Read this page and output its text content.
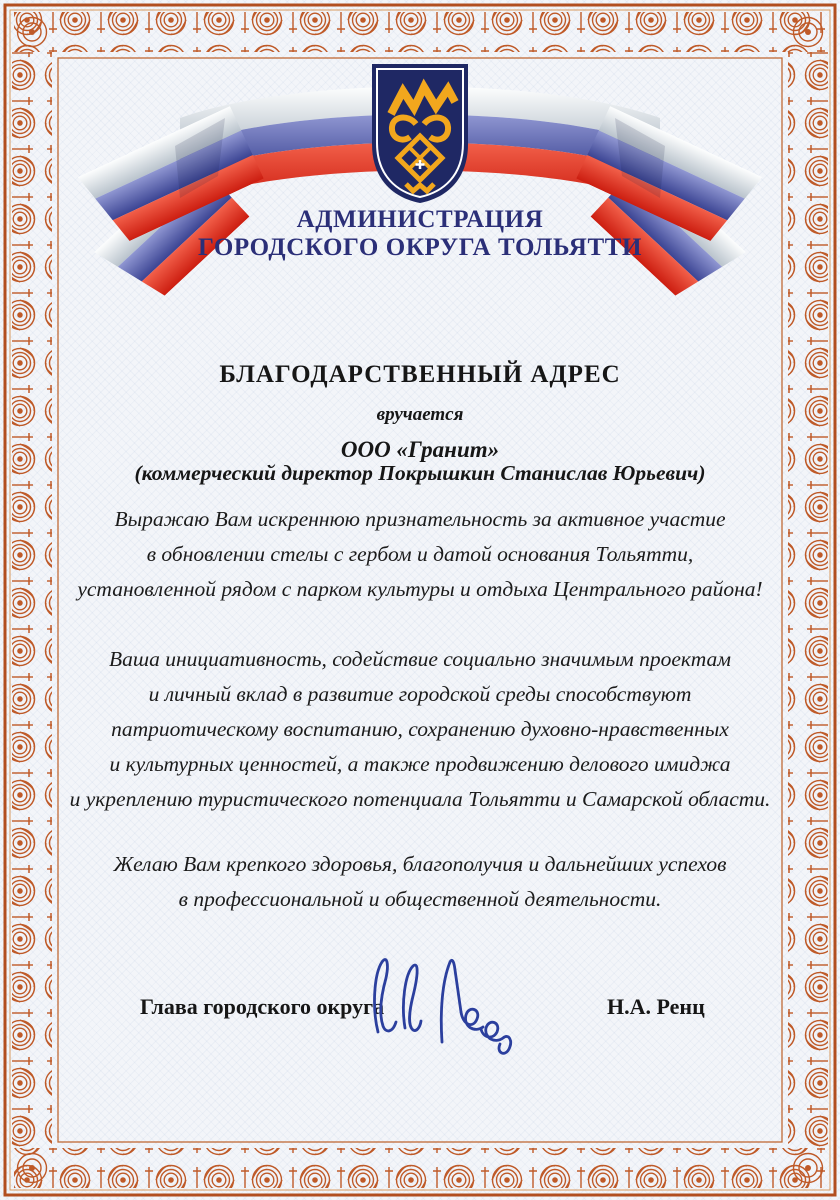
АДМИНИСТРАЦИЯ
ГОРОДСКОГО ОКРУГА ТОЛЬЯТТИ
БЛАГОДАРСТВЕННЫЙ АДРЕС
вручается
ООО «Гранит»
(коммерческий директор Покрышкин Станислав Юрьевич)
Выражаю Вам искреннюю признательность за активное участие
в обновлении стелы с гербом и датой основания Тольятти,
установленной рядом с парком культуры и отдыха Центрального района!
Ваша инициативность, содействие социально значимым проектам
и личный вклад в развитие городской среды способствуют
патриотическому воспитанию, сохранению духовно-нравственных
и культурных ценностей, а также продвижению делового имиджа
и укреплению туристического потенциала Тольятти и Самарской области.
Желаю Вам крепкого здоровья, благополучия и дальнейших успехов
в профессиональной и общественной деятельности.
Глава городского округа	Н.А. Ренц
